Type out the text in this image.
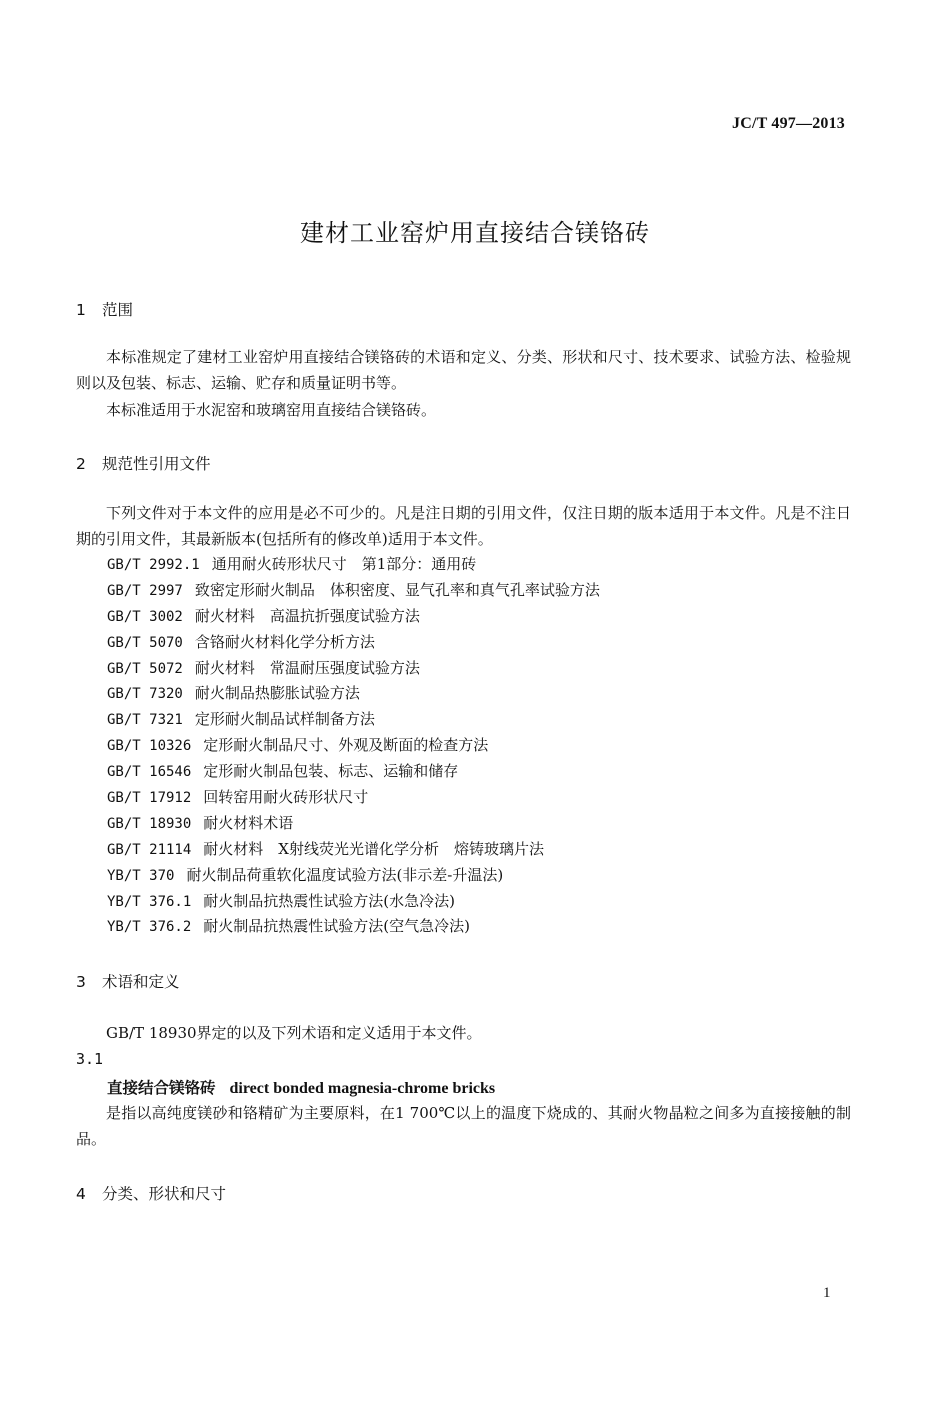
JC/T 497—2013
建材工业窑炉用直接结合镁铬砖
1 范围
本标准规定了建材工业窑炉用直接结合镁铬砖的术语和定义、分类、形状和尺寸、技术要求、试验方法、检验规则以及包装、标志、运输、贮存和质量证明书等。
本标准适用于水泥窑和玻璃窑用直接结合镁铬砖。
2 规范性引用文件
下列文件对于本文件的应用是必不可少的。凡是注日期的引用文件，仅注日期的版本适用于本文件。凡是不注日期的引用文件，其最新版本(包括所有的修改单)适用于本文件。
GB/T 2992.1 通用耐火砖形状尺寸　第1部分：通用砖
GB/T 2997 致密定形耐火制品　体积密度、显气孔率和真气孔率试验方法
GB/T 3002 耐火材料　高温抗折强度试验方法
GB/T 5070 含铬耐火材料化学分析方法
GB/T 5072 耐火材料　常温耐压强度试验方法
GB/T 7320 耐火制品热膨胀试验方法
GB/T 7321 定形耐火制品试样制备方法
GB/T 10326 定形耐火制品尺寸、外观及断面的检查方法
GB/T 16546 定形耐火制品包装、标志、运输和储存
GB/T 17912 回转窑用耐火砖形状尺寸
GB/T 18930 耐火材料术语
GB/T 21114 耐火材料　X射线荧光光谱化学分析　熔铸玻璃片法
YB/T 370 耐火制品荷重软化温度试验方法(非示差-升温法)
YB/T 376.1 耐火制品抗热震性试验方法(水急冷法)
YB/T 376.2 耐火制品抗热震性试验方法(空气急冷法)
3 术语和定义
GB/T 18930界定的以及下列术语和定义适用于本文件。
3.1
直接结合镁铬砖 direct bonded magnesia-chrome bricks
是指以高纯度镁砂和铬精矿为主要原料，在1 700℃以上的温度下烧成的、其耐火物晶粒之间多为直接接触的制品。
4 分类、形状和尺寸
1
